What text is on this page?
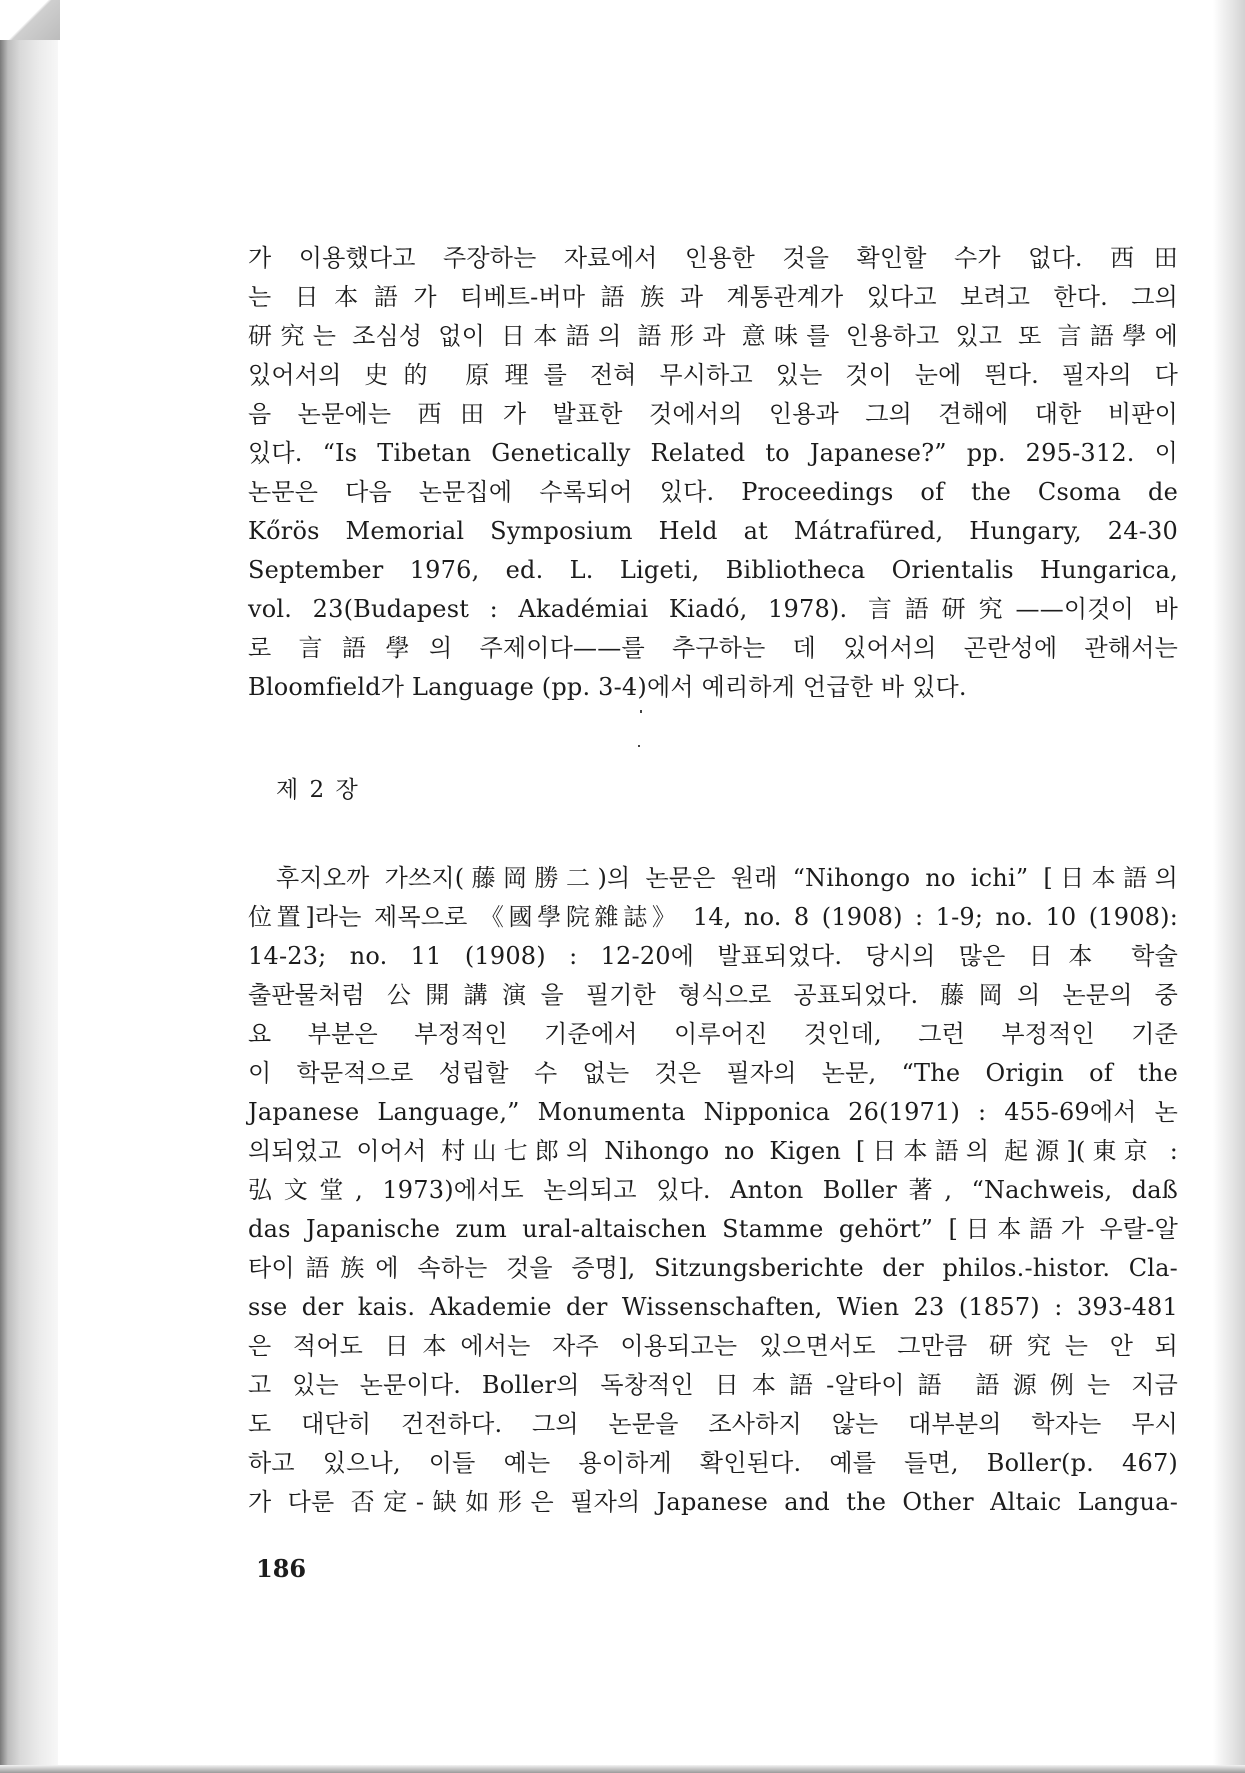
가 이용했다고 주장하는 자료에서 인용한 것을 확인할 수가 없다. 西田
는 日本語가 티베트-버마語族과 계통관계가 있다고 보려고 한다. 그의
研究는 조심성 없이 日本語의 語形과 意味를 인용하고 있고 또 言語學에
있어서의 史的 原理를 전혀 무시하고 있는 것이 눈에 띈다. 필자의 다
음 논문에는 西田가 발표한 것에서의 인용과 그의 견해에 대한 비판이
있다. “Is Tibetan Genetically Related to Japanese?” pp. 295-312. 이
논문은 다음 논문집에 수록되어 있다. Proceedings of the Csoma de
Kőrös Memorial Symposium Held at Mátrafüred, Hungary, 24-30
September 1976, ed. L. Ligeti, Bibliotheca Orientalis Hungarica,
vol. 23(Budapest : Akadémiai Kiadó, 1978). 言語研究——이것이 바
로 言語學의 주제이다——를 추구하는 데 있어서의 곤란성에 관해서는
Bloomfield가 Language (pp. 3-4)에서 예리하게 언급한 바 있다.
제 2 장
후지오까 가쓰지(藤岡勝二)의 논문은 원래 “Nihongo no ichi” [日本語의
位置]라는 제목으로 《國學院雜誌》 14, no. 8 (1908) : 1-9; no. 10 (1908):
14-23; no. 11 (1908) : 12-20에 발표되었다. 당시의 많은 日本 학술
출판물처럼 公開講演을 필기한 형식으로 공표되었다. 藤岡의 논문의 중
요 부분은 부정적인 기준에서 이루어진 것인데, 그런 부정적인 기준
이 학문적으로 성립할 수 없는 것은 필자의 논문, “The Origin of the
Japanese Language,” Monumenta Nipponica 26(1971) : 455-69에서 논
의되었고 이어서 村山七郎의 Nihongo no Kigen [日本語의 起源](東京 :
弘文堂, 1973)에서도 논의되고 있다. Anton Boller著, “Nachweis, daß
das Japanische zum ural-altaischen Stamme gehört” [日本語가 우랄-알
타이語族에 속하는 것을 증명], Sitzungsberichte der philos.-histor. Cla-
sse der kais. Akademie der Wissenschaften, Wien 23 (1857) : 393-481
은 적어도 日本에서는 자주 이용되고는 있으면서도 그만큼 研究는 안 되
고 있는 논문이다. Boller의 독창적인 日本語-알타이語 語源例는 지금
도 대단히 건전하다. 그의 논문을 조사하지 않는 대부분의 학자는 무시
하고 있으나, 이들 예는 용이하게 확인된다. 예를 들면, Boller(p. 467)
가 다룬 否定-缺如形은 필자의 Japanese and the Other Altaic Langua-
186
